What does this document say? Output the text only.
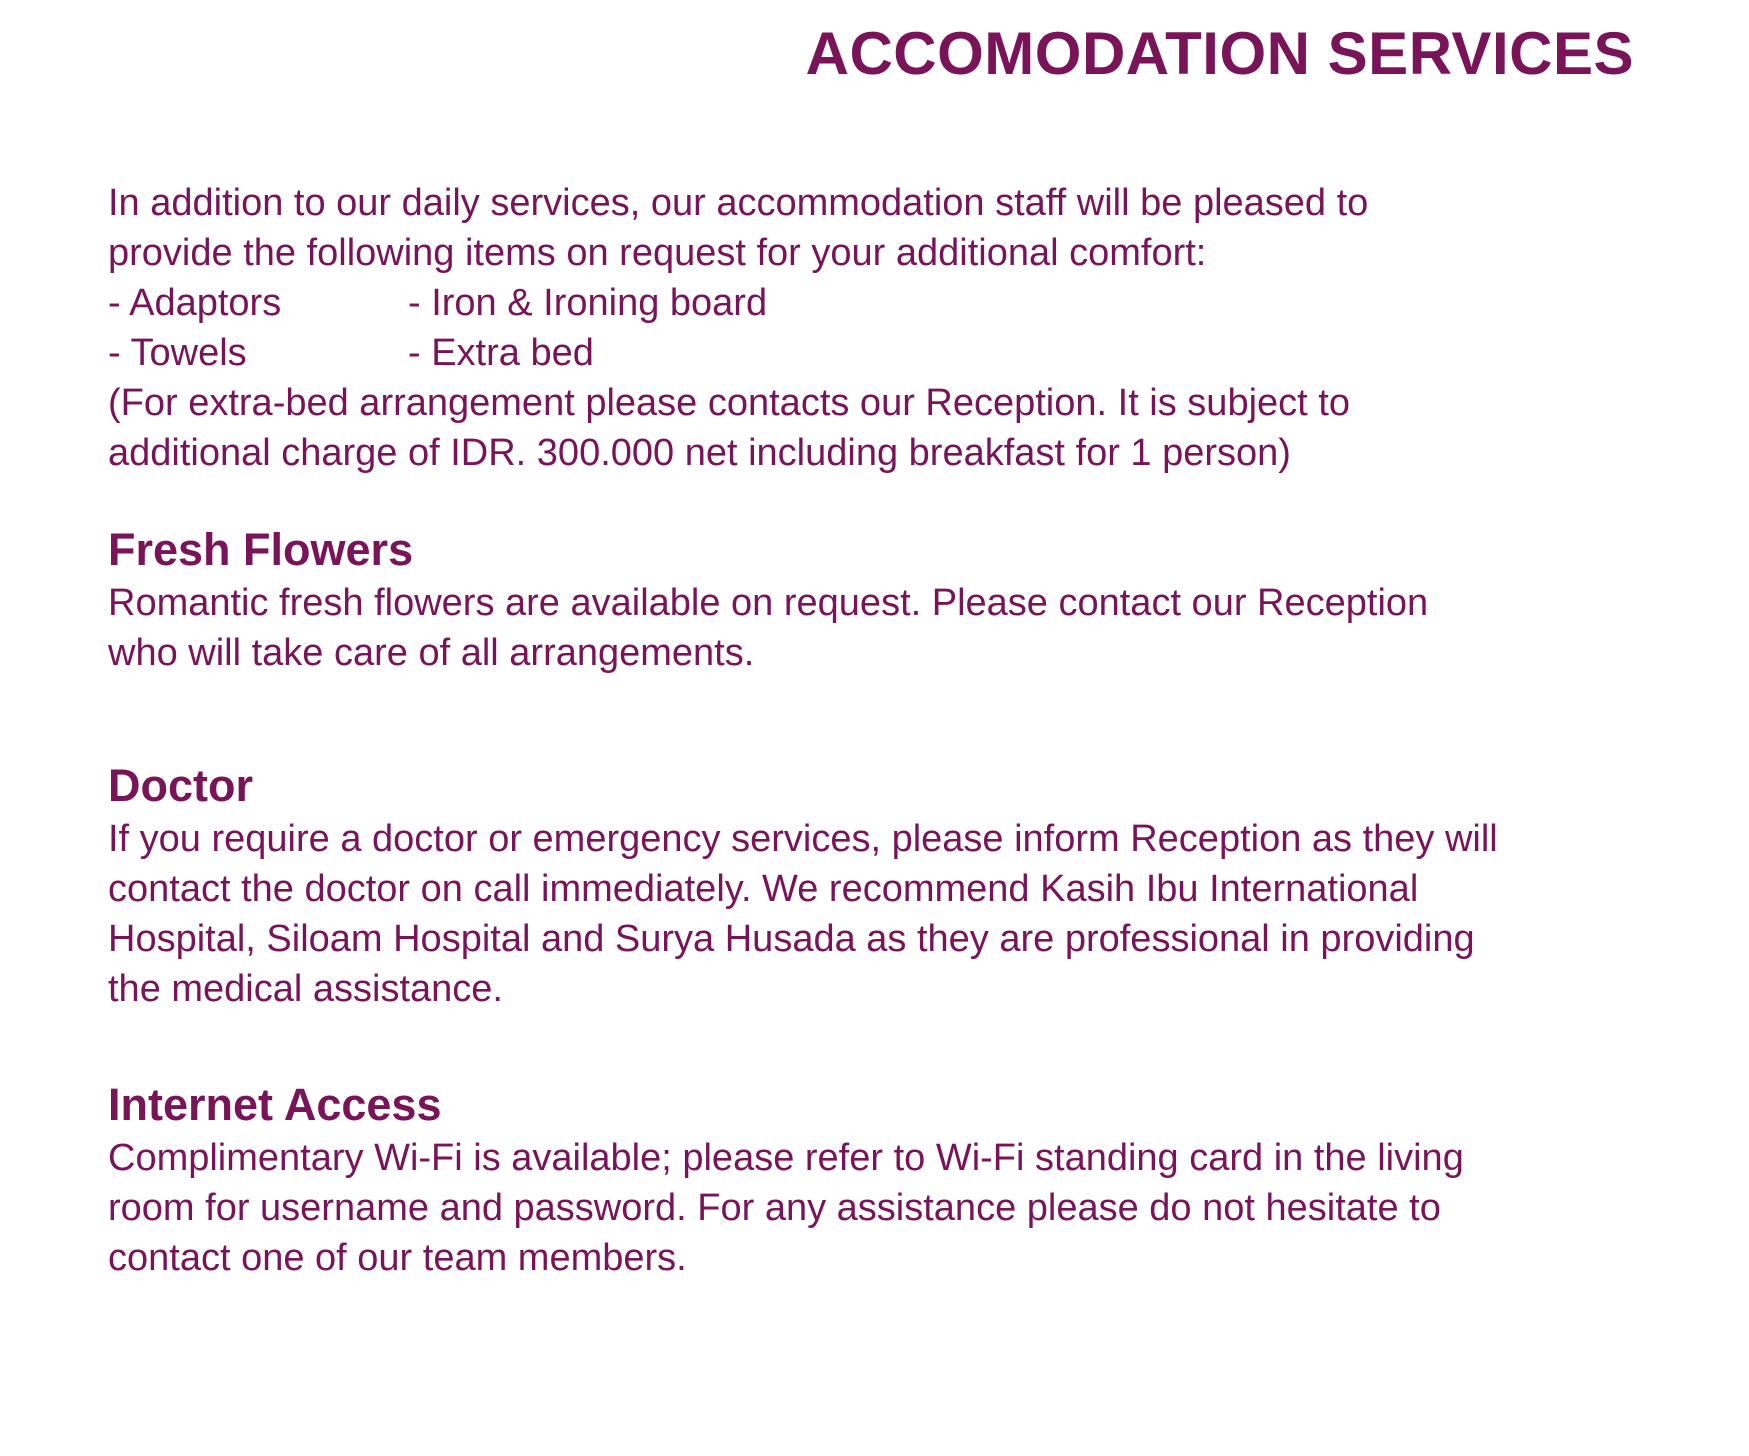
ACCOMODATION SERVICES

In addition to our daily services, our accommodation staff will be pleased to

provide the following items on request for your additional comfort:

- Adaptors	- Iron & Ironing board
- Towels	- Extra bed

(For extra-bed arrangement please contacts our Reception. It is subject to

additional charge of IDR. 300.000 net including breakfast for 1 person)

Fresh Flowers

Romantic fresh flowers are available on request. Please contact our Reception

who will take care of all arrangements.

Doctor

If you require a doctor or emergency services, please inform Reception as they will

contact the doctor on call immediately. We recommend Kasih Ibu International

Hospital, Siloam Hospital and Surya Husada as they are professional in providing

the medical assistance.

Internet Access

Complimentary Wi-Fi is available; please refer to Wi-Fi standing card in the living

room for username and password. For any assistance please do not hesitate to

contact one of our team members.
